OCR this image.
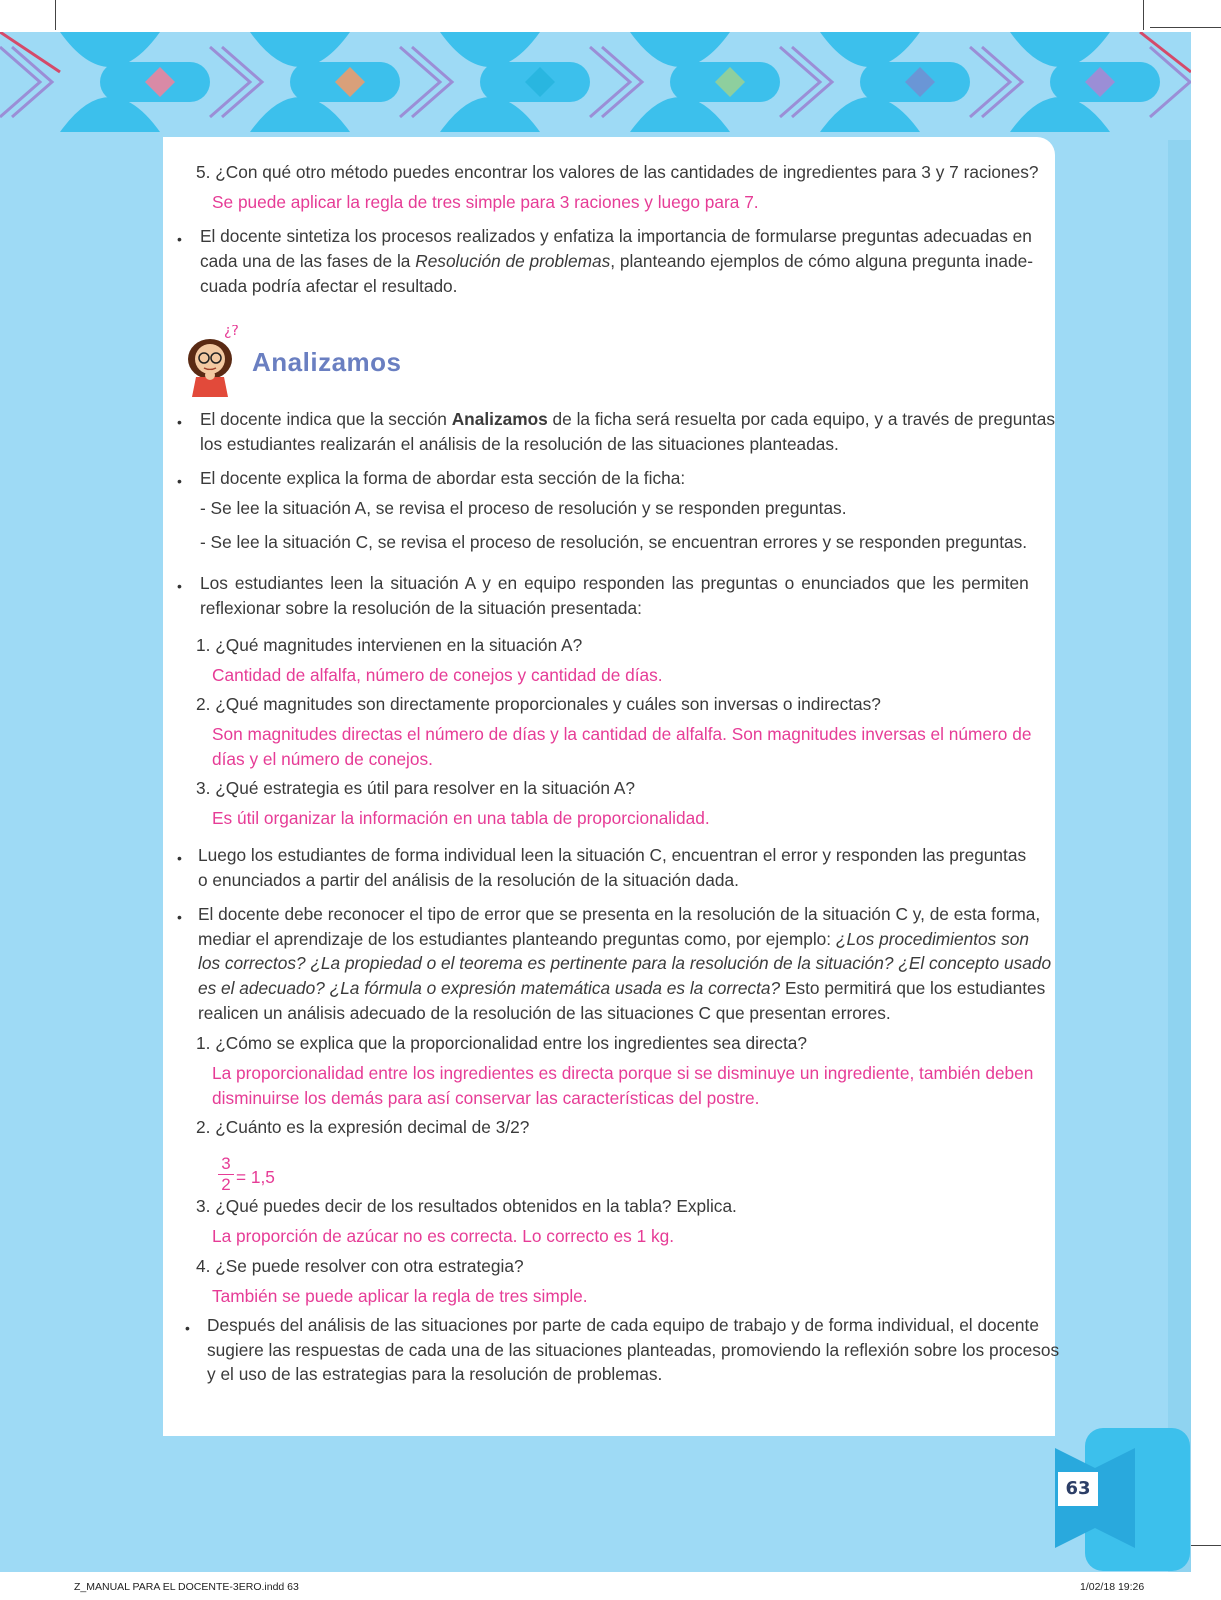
63
5. ¿Con qué otro método puedes encontrar los valores de las cantidades de ingredientes para 3 y 7 raciones?
Se puede aplicar la regla de tres simple para 3 raciones y luego para 7.
• El docente sintetiza los procesos realizados y enfatiza la importancia de formularse preguntas adecuadas en
cada una de las fases de la Resolución de problemas, planteando ejemplos de cómo alguna pregunta inade-
cuada podría afectar el resultado.
¿?
Analizamos
• El docente indica que la sección Analizamos de la ficha será resuelta por cada equipo, y a través de preguntas
los estudiantes realizarán el análisis de la resolución de las situaciones planteadas.
• El docente explica la forma de abordar esta sección de la ficha:
- Se lee la situación A, se revisa el proceso de resolución y se responden preguntas.
- Se lee la situación C, se revisa el proceso de resolución, se encuentran errores y se responden preguntas.
• Los estudiantes leen la situación A y en equipo responden las preguntas o enunciados que les permiten
reflexionar sobre la resolución de la situación presentada:
1. ¿Qué magnitudes intervienen en la situación A?
Cantidad de alfalfa, número de conejos y cantidad de días.
2. ¿Qué magnitudes son directamente proporcionales y cuáles son inversas o indirectas?
Son magnitudes directas el número de días y la cantidad de alfalfa. Son magnitudes inversas el número de
días y el número de conejos.
3. ¿Qué estrategia es útil para resolver en la situación A?
Es útil organizar la información en una tabla de proporcionalidad.
• Luego los estudiantes de forma individual leen la situación C, encuentran el error y responden las preguntas
o enunciados a partir del análisis de la resolución de la situación dada.
• El docente debe reconocer el tipo de error que se presenta en la resolución de la situación C y, de esta forma,
mediar el aprendizaje de los estudiantes planteando preguntas como, por ejemplo: ¿Los procedimientos son
los correctos? ¿La propiedad o el teorema es pertinente para la resolución de la situación? ¿El concepto usado
es el adecuado? ¿La fórmula o expresión matemática usada es la correcta? Esto permitirá que los estudiantes
realicen un análisis adecuado de la resolución de las situaciones C que presentan errores.
1. ¿Cómo se explica que la proporcionalidad entre los ingredientes sea directa?
La proporcionalidad entre los ingredientes es directa porque si se disminuye un ingrediente, también deben
disminuirse los demás para así conservar las características del postre.
2. ¿Cuánto es la expresión decimal de 3/2?
3
2 = 1,5
3. ¿Qué puedes decir de los resultados obtenidos en la tabla? Explica.
La proporción de azúcar no es correcta. Lo correcto es 1 kg.
4. ¿Se puede resolver con otra estrategia?
También se puede aplicar la regla de tres simple.
• Después del análisis de las situaciones por parte de cada equipo de trabajo y de forma individual, el docente
sugiere las respuestas de cada una de las situaciones planteadas, promoviendo la reflexión sobre los procesos
y el uso de las estrategias para la resolución de problemas.
Z_MANUAL PARA EL DOCENTE-3ERO.indd 63	1/02/18 19:26
